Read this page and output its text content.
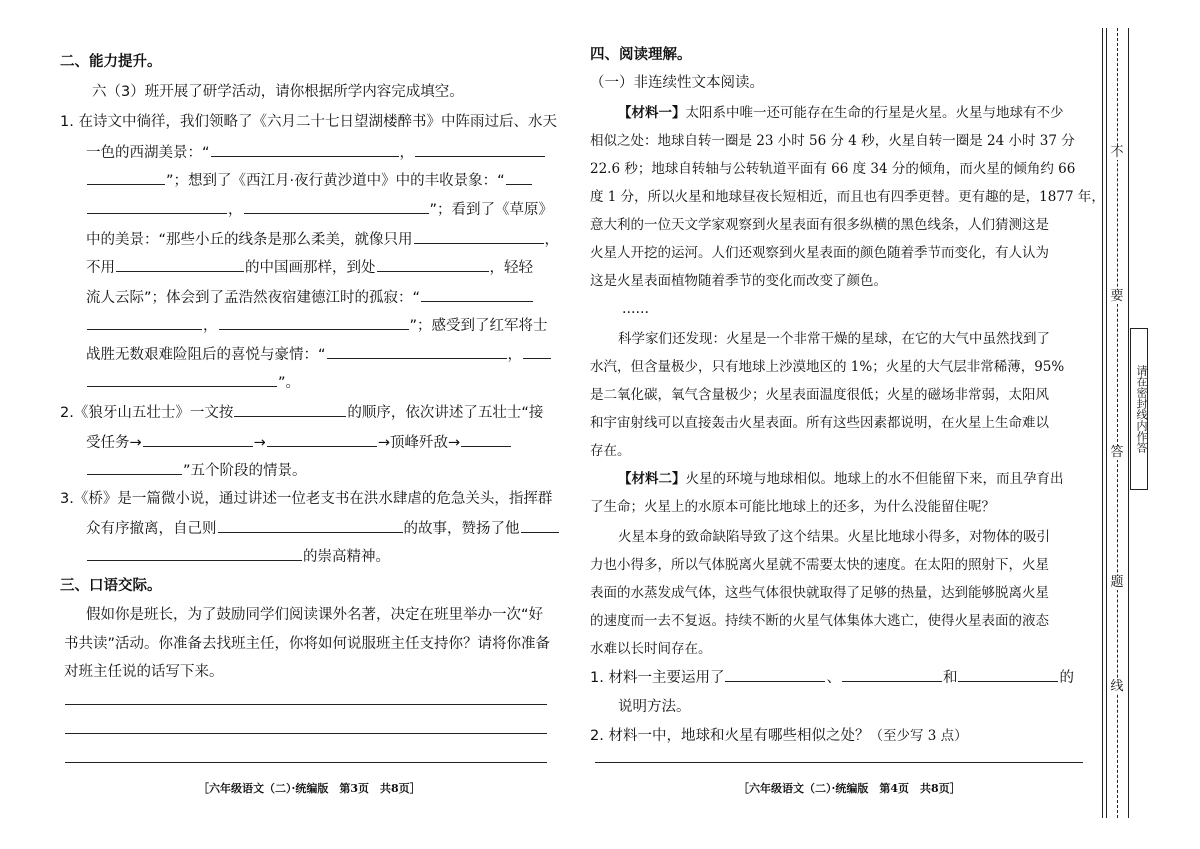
二、能力提升。
六（3）班开展了研学活动，请你根据所学内容完成填空。
1. 在诗文中徜徉，我们领略了《六月二十七日望湖楼醉书》中阵雨过后、水天
一色的西湖美景：“	，
”；想到了《西江月·夜行黄沙道中》中的丰收景象：“
，	”；看到了《草原》
中的美景：“那些小丘的线条是那么柔美，就像只用	，
不用	的中国画那样，到处	，轻轻
流人云际”；体会到了孟浩然夜宿建德江时的孤寂：“
，	”；感受到了红军将士
战胜无数艰难险阻后的喜悦与豪情：“	，
”。
2.《狼牙山五壮士》一文按	的顺序，依次讲述了五壮士“接
受任务→	→	→顶峰歼敌→
”五个阶段的情景。
3.《桥》是一篇微小说，通过讲述一位老支书在洪水肆虐的危急关头，指挥群
众有序撤离，自己则	的故事，赞扬了他
的崇高精神。
三、口语交际。
假如你是班长，为了鼓励同学们阅读课外名著，决定在班里举办一次“好
书共读”活动。你准备去找班主任，你将如何说服班主任支持你？请将你准备
对班主任说的话写下来。
［六年级语文（二）·统编版　第3页　共8页］
四、阅读理解。
（一）非连续性文本阅读。
【材料一】太阳系中唯一还可能存在生命的行星是火星。火星与地球有不少
相似之处：地球自转一圈是 23 小时 56 分 4 秒，火星自转一圈是 24 小时 37 分
22.6 秒；地球自转轴与公转轨道平面有 66 度 34 分的倾角，而火星的倾角约 66
度 1 分，所以火星和地球昼夜长短相近，而且也有四季更替。更有趣的是，1877 年，
意大利的一位天文学家观察到火星表面有很多纵横的黑色线条，人们猜测这是
火星人开挖的运河。人们还观察到火星表面的颜色随着季节而变化，有人认为
这是火星表面植物随着季节的变化而改变了颜色。
……
科学家们还发现：火星是一个非常干燥的星球，在它的大气中虽然找到了
水汽，但含量极少，只有地球上沙漠地区的 1%；火星的大气层非常稀薄，95%
是二氧化碳，氧气含量极少；火星表面温度很低；火星的磁场非常弱，太阳风
和宇宙射线可以直接轰击火星表面。所有这些因素都说明，在火星上生命难以
存在。
【材料二】火星的环境与地球相似。地球上的水不但能留下来，而且孕育出
了生命；火星上的水原本可能比地球上的还多，为什么没能留住呢？
火星本身的致命缺陷导致了这个结果。火星比地球小得多，对物体的吸引
力也小得多，所以气体脱离火星就不需要太快的速度。在太阳的照射下，火星
表面的水蒸发成气体，这些气体很快就取得了足够的热量，达到能够脱离火星
的速度而一去不复返。持续不断的火星气体集体大逃亡，使得火星表面的液态
水难以长时间存在。
1. 材料一主要运用了	、	和	的
说明方法。
2. 材料一中，地球和火星有哪些相似之处？（至少写 3 点）
［六年级语文（二）·统编版　第4页　共8页］
不
要
答
题
线
请在密封线内作答
